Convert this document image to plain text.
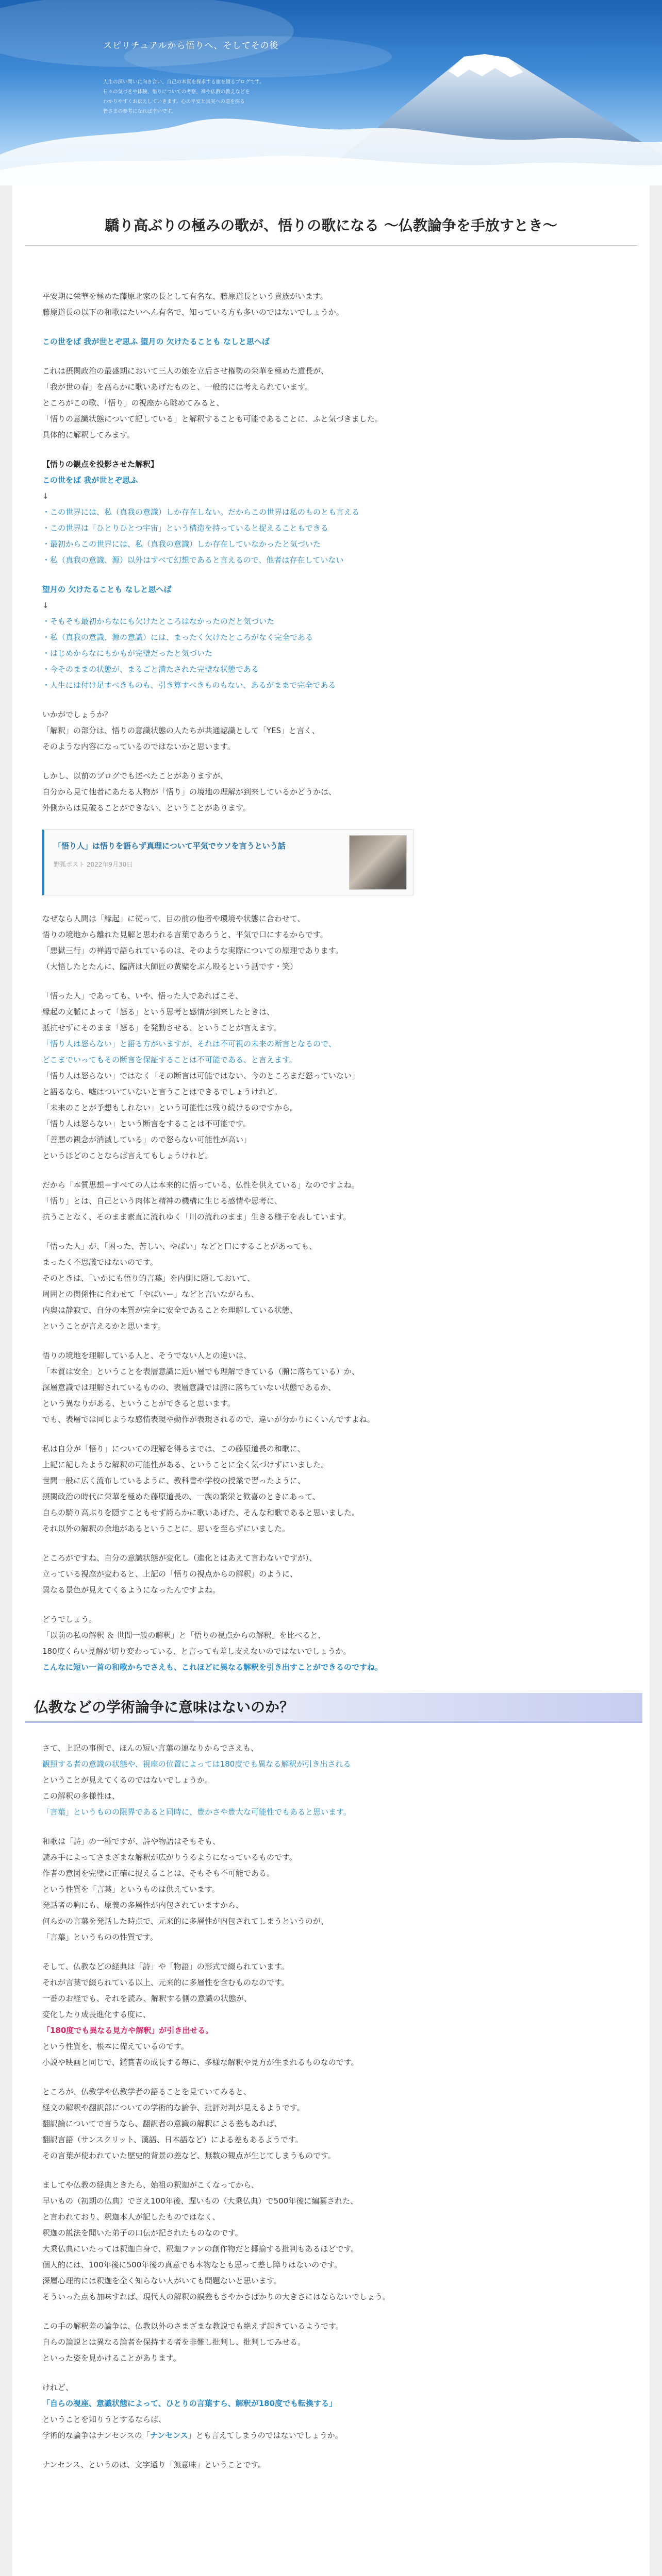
スピリチュアルから悟りへ、そしてその後
人生の深い問いに向き合い、自己の本質を探求する旅を綴るブログです。
日々の気づきや体験、悟りについての考察、禅や仏教の教えなどを
わかりやすくお伝えしていきます。心の平安と真実への道を探る
皆さまの参考になれば幸いです。
驕り高ぶりの極みの歌が、悟りの歌になる 〜仏教論争を手放すとき〜

平安期に栄華を極めた藤原北家の長として有名な、藤原道長という貴族がいます。
藤原道長の以下の和歌はたいへん有名で、知っている方も多いのではないでしょうか。

この世をば 我が世とぞ思ふ 望月の 欠けたることも なしと思へば

これは摂関政治の最盛期において三人の娘を立后させ権勢の栄華を極めた道長が、
「我が世の春」を高らかに歌いあげたものと、一般的には考えられています。
ところがこの歌、「悟り」の視座から眺めてみると、
「悟りの意識状態について記している」と解釈することも可能であることに、ふと気づきました。
具体的に解釈してみます。

【悟りの観点を投影させた解釈】
この世をば 我が世とぞ思ふ
↓
・この世界には、私（真我の意識）しか存在しない。だからこの世界は私のものとも言える
・この世界は「ひとりひとつ宇宙」という構造を持っていると捉えることもできる
・最初からこの世界には、私（真我の意識）しか存在していなかったと気づいた
・私（真我の意識、源）以外はすべて幻想であると言えるので、他者は存在していない

望月の 欠けたることも なしと思へば
↓
・そもそも最初からなにも欠けたところはなかったのだと気づいた
・私（真我の意識、源の意識）には、まったく欠けたところがなく完全である
・はじめからなにもかもが完璧だったと気づいた
・今そのままの状態が、まるごと満たされた完璧な状態である
・人生には付け足すべきものも、引き算すべきものもない、あるがままで完全である

いかがでしょうか？
「解釈」の部分は、悟りの意識状態の人たちが共通認識として「YES」と言く、
そのような内容になっているのではないかと思います。

しかし、以前のブログでも述べたことがありますが、
自分から見て他者にあたる人物が「悟り」の境地の理解が到来しているかどうかは、
外側からは見破ることができない、ということがあります。

「悟り人」は悟りを語らず真理について平気でウソを言うという話
野狐ポスト 2022年9月30日

なぜなら人間は「縁起」に従って、目の前の他者や環境や状態に合わせて、
悟りの境地から離れた見解と思われる言葉であろうと、平気で口にするからです。
「悪獄三行」の禅語で語られているのは、そのような実際についての原理であります。
（大悟したとたんに、臨済は大師匠の黄檗をぶん殴るという話です・笑）

「悟った人」であっても、いや、悟った人であればこそ、
縁起の文脈によって「怒る」という思考と感情が到来したときは、
抵抗せずにそのまま「怒る」を発動させる、ということが言えます。
「悟り人は怒らない」と語る方がいますが、それは不可視の未来の断言となるので、
どこまでいってもその断言を保証することは不可能である、と言えます。
「悟り人は怒らない」ではなく「その断言は可能ではない、今のところまだ怒っていない」
と語るなら、嘘はついていないと言うことはできるでしょうけれど。
「未来のことが予想もしれない」という可能性は残り続けるのですから。
「悟り人は怒らない」という断言をすることは不可能です。
「善悪の観念が消滅している」ので怒らない可能性が高い」
というほどのことならば言えてもしょうけれど。

だから「本質思想＝すべての人は本来的に悟っている、仏性を供えている」なのですよね。
「悟り」とは、自己という肉体と精神の機構に生じる感情や思考に、
抗うことなく、そのまま素直に流れゆく「川の流れのまま」生きる様子を表しています。

「悟った人」が、「困った、苦しい、やばい」などと口にすることがあっても、
まったく不思議ではないのです。
そのときは、「いかにも悟り的言葉」を内側に隠しておいて、
周囲との関係性に合わせて「やばいー」などと言いながらも、
内奥は静寂で、自分の本質が完全に安全であることを理解している状態、
ということが言えるかと思います。

悟りの境地を理解している人と、そうでない人との違いは、
「本質は安全」ということを表層意識に近い層でも理解できている（腑に落ちている）か、
深層意識では理解されているものの、表層意識では腑に落ちていない状態であるか、
という異なりがある、ということができると思います。
でも、表層では同じような感情表現や動作が表現されるので、違いが分かりにくいんですよね。

私は自分が「悟り」についての理解を得るまでは、この藤原道長の和歌に、
上記に記したような解釈の可能性がある、ということに全く気づけずにいました。
世間一般に広く流布しているように、教科書や学校の授業で習ったように、
摂関政治の時代に栄華を極めた藤原道長の、一族の繁栄と歓喜のときにあって、
自らの騎り高ぶりを隠すこともせず誇らかに歌いあげた、そんな和歌であると思いました。
それ以外の解釈の余地があるということに、思いを至らずにいました。

ところがですね、自分の意識状態が変化し（進化とはあえて言わないですが）、
立っている視座が変わると、上記の「悟りの視点からの解釈」のように、
異なる景色が見えてくるようになったんですよね。

どうでしょう。
「以前の私の解釈 ＆ 世間一般の解釈」と「悟りの視点からの解釈」を比べると、
180度くらい見解が切り変わっている、と言っても差し支えないのではないでしょうか。
こんなに短い一首の和歌からでさえも、これほどに異なる解釈を引き出すことができるのですね。

仏教などの学術論争に意味はないのか？

さて、上記の事例で、ほんの短い言葉の連なりからでさえも、
観照する者の意識の状態や、視座の位置によっては180度でも異なる解釈が引き出される
ということが見えてくるのではないでしょうか。
この解釈の多様性は、
「言葉」というものの限界であると同時に、豊かさや豊大な可能性でもあると思います。

和歌は「詩」の一種ですが、詩や物語はそもそも、
読み手によってさまざまな解釈が広がりうるようになっているものです。
作者の意図を完璧に正確に捉えることは、そもそも不可能である。
という性質を「言葉」というものは供えています。
発話者の胸にも、原義の多層性が内包されていますから、
何らかの言葉を発話した時点で、元来的に多層性が内包されてしまうというのが、
「言葉」というものの性質です。

そして、仏教などの経典は「詩」や「物語」の形式で綴られています。
それが言葉で綴られている以上、元来的に多層性を含むものなのです。
一番のお経でも、それを読み、解釈する側の意識の状態が、
変化したり成長進化する度に、
「180度でも異なる見方や解釈」が引き出せる。
という性質を、根本に備えているのです。
小説や映画と同じで、鑑賞者の成長する毎に、多様な解釈や見方が生まれるものなのです。

ところが、仏教学や仏教学者の語ることを見ていてみると、
経文の解釈や翻訳部についての学術的な論争、批評対判が見えるようです。
翻訳論についてで言うなら、翻訳者の意識の解釈による差もあれば、
翻訳言語（サンスクリット、漢語、日本語など）による差もあるようです。
その言葉が使われていた歴史的背景の差など、無数の観点が生じてしまうものです。

ましてや仏教の経典ときたら、始祖の釈迦がこくなってから、
早いもの（初期の仏典）でさえ100年後、遅いもの（大乗仏典）で500年後に編纂された、
と言われており、釈迦本人が記したものではなく、
釈迦の説法を聞いた弟子の口伝が記されたものなのです。
大乗仏典にいたっては釈迦自身で、釈迦ファンの創作物だと揶揄する批判もあるほどです。
個人的には、100年後に500年後の真意でも本物なとも思って差し障りはないのです。
深層心理的には釈迦を全く知らない人がいても問題ないと思います。
そういった点も加味すれば、現代人の解釈の誤差もさやかさばかりの大きさにはならないでしょう。

この手の解釈差の論争は、仏教以外のさまざまな教説でも絶えず起きているようです。
自らの論説とは異なる論者を保持する者を非難し批判し、批判してみせる。
といった姿を見かけることがあります。

けれど、
「自らの視座、意識状態によって、ひとりの言葉すら、解釈が180度でも転換する」
ということを知りうとするならば、
学術的な論争はナンセンスの「ナンセンス」とも言えてしまうのではないでしょうか。

ナンセンス、というのは、文字通り「無意味」ということです。
